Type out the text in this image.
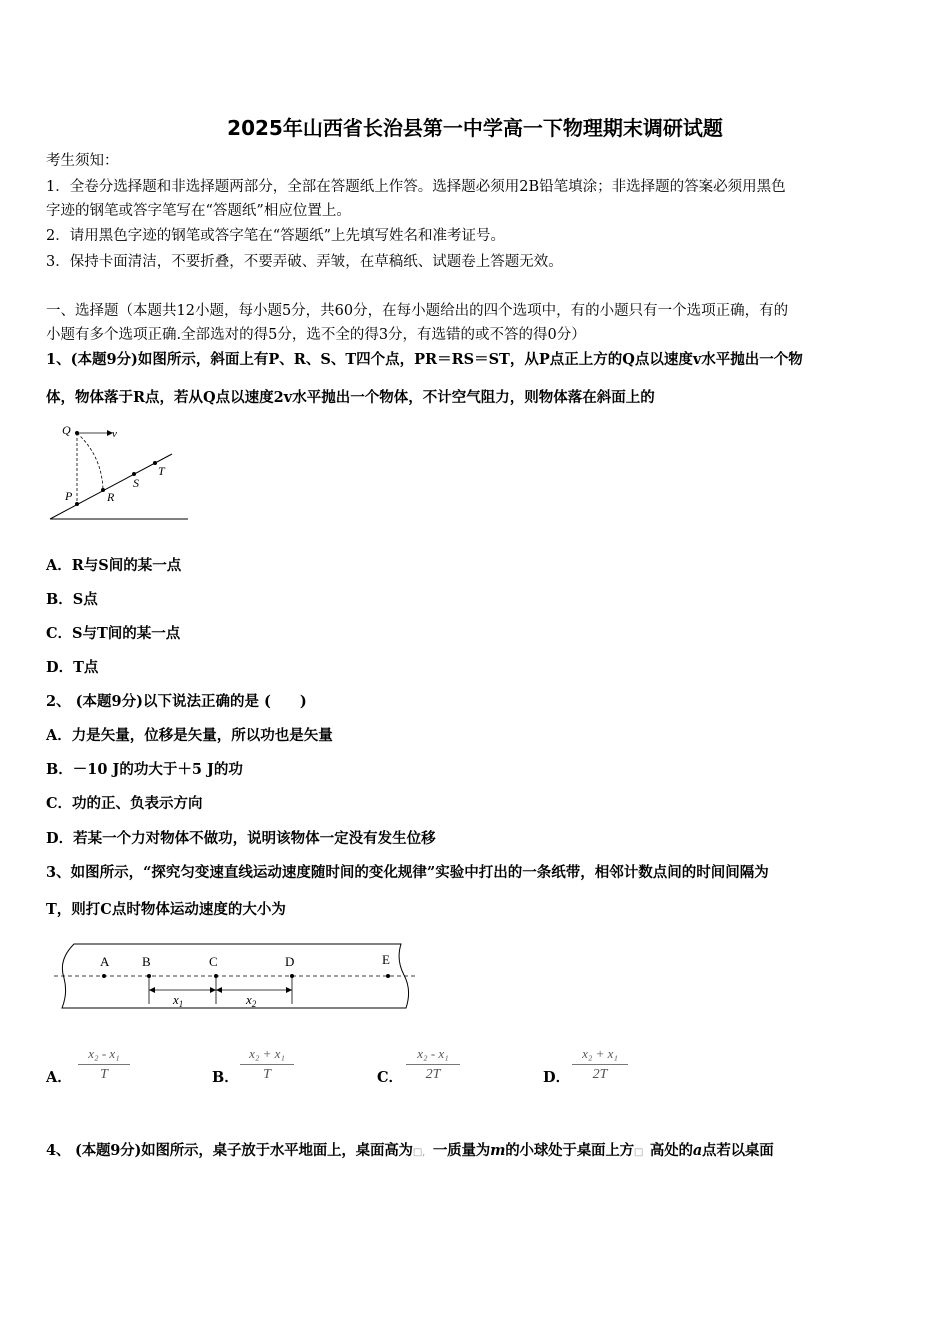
2025年山西省长治县第一中学高一下物理期末调研试题
考生须知：
1．全卷分选择题和非选择题两部分，全部在答题纸上作答。选择题必须用2B铅笔填涂；非选择题的答案必须用黑色
字迹的钢笔或答字笔写在“答题纸”相应位置上。
2．请用黑色字迹的钢笔或答字笔在“答题纸”上先填写姓名和准考证号。
3．保持卡面清洁，不要折叠，不要弄破、弄皱，在草稿纸、试题卷上答题无效。
一、选择题（本题共12小题，每小题5分，共60分，在每小题给出的四个选项中，有的小题只有一个选项正确，有的
小题有多个选项正确.全部选对的得5分，选不全的得3分，有选错的或不答的得0分）
1、(本题9分)如图所示，斜面上有P、R、S、T四个点，PR＝RS＝ST，从P点正上方的Q点以速度v水平抛出一个物
体，物体落于R点，若从Q点以速度2v水平抛出一个物体，不计空气阻力，则物体落在斜面上的
Q	v
P	R
S
T
A．R与S间的某一点
B．S点
C．S与T间的某一点
D．T点
2、 (本题9分)以下说法正确的是 (　　)
A．力是矢量，位移是矢量，所以功也是矢量
B．－10 J的功大于＋5 J的功
C．功的正、负表示方向
D．若某一个力对物体不做功，说明该物体一定没有发生位移
3、如图所示，“探究匀变速直线运动速度随时间的变化规律”实验中打出的一条纸带，相邻计数点间的时间间隔为
T，则打C点时物体运动速度的大小为
A	B	C	D	E
$x_1$	$x_2$
A． $\frac{\text{x₂ - x₁}}{T}$	B． $\frac{\text{x₂ + x₁}}{T}$	C． $\frac{\text{x₂ - x₁}}{2T}$	D． $\frac{\text{x₂ + x₁}}{2T}$
4、 (本题9分)如图所示，桌子放于水平地面上，桌面高为□, 一质量为m的小球处于桌面上方□ 高处的a点若以桌面
